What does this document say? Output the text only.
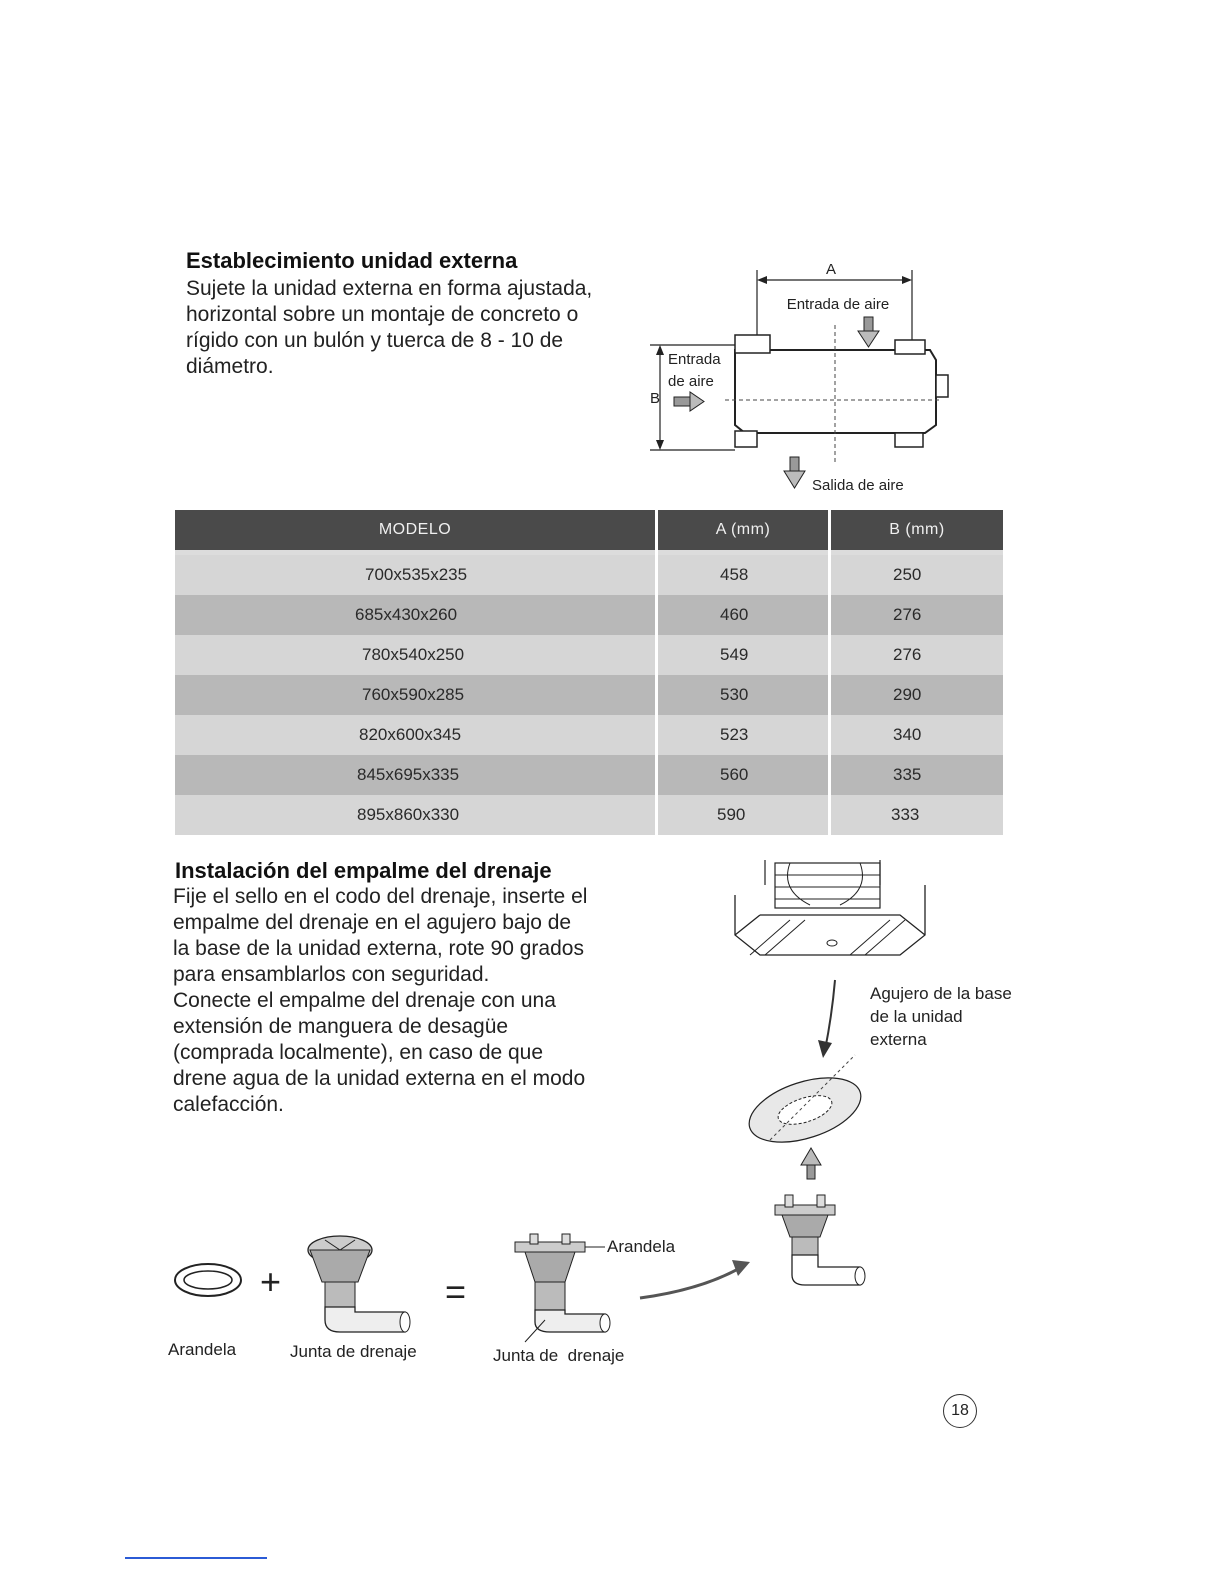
Establecimiento unidad externa
Sujete la unidad externa en forma ajustada, horizontal sobre un montaje de concreto o rígido con un bulón y tuerca de 8 - 10 de diámetro.
A
Entrada de aire
B
Entrada
de aire
Salida de aire
MODELO	A (mm)	B (mm)
700x535x235	458	250
685x430x260	460	276
780x540x250	549	276
760x590x285	530	290
820x600x345	523	340
845x695x335	560	335
895x860x330	590	333
Instalación del empalme del drenaje
Fije el sello en el codo del drenaje, inserte el empalme del drenaje en el agujero bajo de la base de la unidad externa, rote 90 grados para ensamblarlos con seguridad.
Conecte el empalme del drenaje con una extensión de manguera de desagüe (comprada localmente), en caso de que drene agua de la unidad externa en el modo calefacción.
Agujero de la base de la unidad externa
+	=
Arandela	Junta de drenaje	Junta de  drenaje
Arandela
18
